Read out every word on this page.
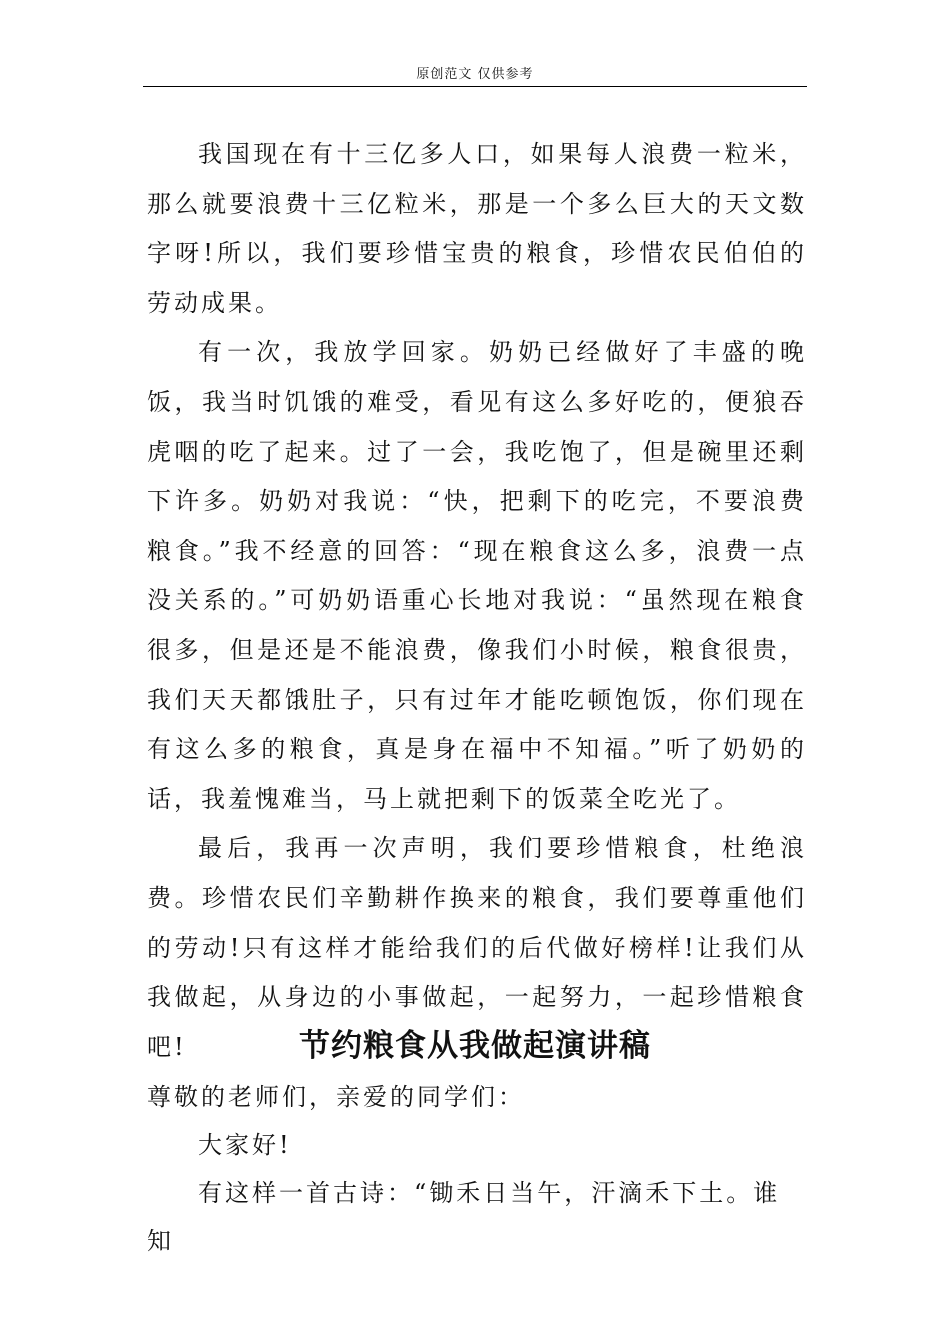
原创范文 仅供参考

我国现在有十三亿多人口，如果每人浪费一粒米，那么就要浪费十三亿粒米，那是一个多么巨大的天文数字呀!所以，我们要珍惜宝贵的粮食，珍惜农民伯伯的劳动成果。

有一次，我放学回家。奶奶已经做好了丰盛的晚饭，我当时饥饿的难受，看见有这么多好吃的，便狼吞虎咽的吃了起来。过了一会，我吃饱了，但是碗里还剩下许多。奶奶对我说：“快，把剩下的吃完，不要浪费粮食。”我不经意的回答：“现在粮食这么多，浪费一点没关系的。”可奶奶语重心长地对我说：“虽然现在粮食很多，但是还是不能浪费，像我们小时候，粮食很贵，我们天天都饿肚子，只有过年才能吃顿饱饭，你们现在有这么多的粮食，真是身在福中不知福。”听了奶奶的话，我羞愧难当，马上就把剩下的饭菜全吃光了。

最后，我再一次声明，我们要珍惜粮食，杜绝浪费。珍惜农民们辛勤耕作换来的粮食，我们要尊重他们的劳动!只有这样才能给我们的后代做好榜样!让我们从我做起，从身边的小事做起，一起努力，一起珍惜粮食吧!	节约粮食从我做起演讲稿

尊敬的老师们，亲爱的同学们：

大家好!

有这样一首古诗：“锄禾日当午，汗滴禾下土。谁知
